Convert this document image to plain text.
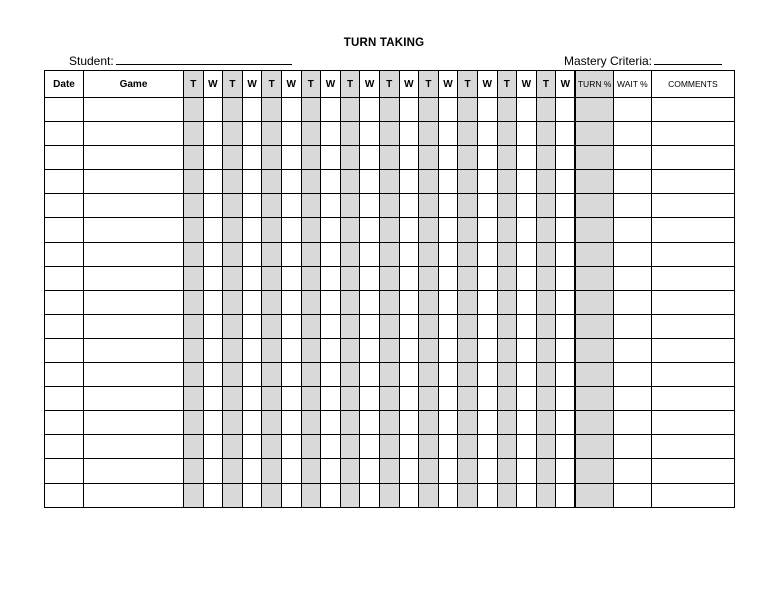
TURN TAKING
Student:	Mastery Criteria:
Date	Game	T	W	T	W	T	W	T	W	T	W	T	W	T	W	T	W	T	W	T	W	TURN %	WAIT %	COMMENTS
